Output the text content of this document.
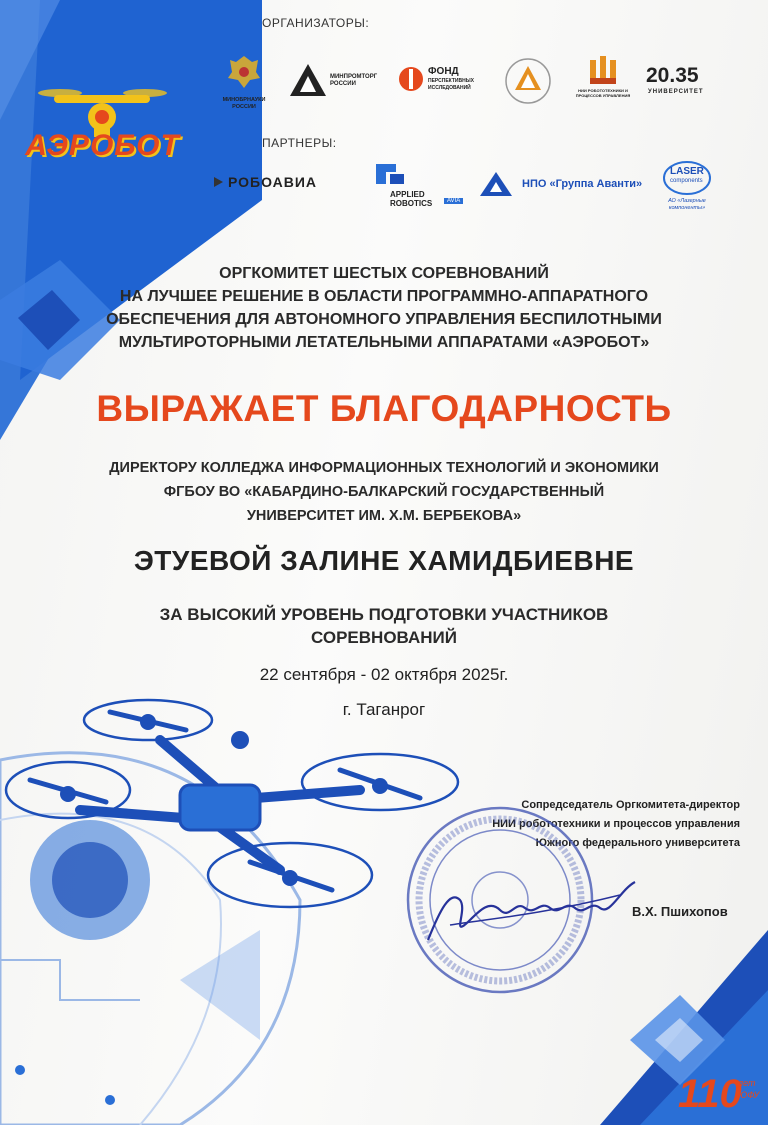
АЭРОБОТ
ОРГАНИЗАТОРЫ:
МИНОБРНАУКИ РОССИИ
МИНПРОМТОРГ РОССИИ
ФОНД
ПЕРСПЕКТИВНЫХ ИССЛЕДОВАНИЙ	НИИ РОБОТОТЕХНИКИ И ПРОЦЕССОВ УПРАВЛЕНИЯ
20.35
УНИВЕРСИТЕТ
ПАРТНЕРЫ:
РОБОАВИА
APPLIED ROBOTICS	AVIA
НПО «Группа Аванти»
LASER
components
АО «Лазерные компоненты»
ОРГКОМИТЕТ ШЕСТЫХ СОРЕВНОВАНИЙ
НА ЛУЧШЕЕ РЕШЕНИЕ В ОБЛАСТИ ПРОГРАММНО-АППАРАТНОГО
ОБЕСПЕЧЕНИЯ ДЛЯ АВТОНОМНОГО УПРАВЛЕНИЯ БЕСПИЛОТНЫМИ
МУЛЬТИРОТОРНЫМИ ЛЕТАТЕЛЬНЫМИ АППАРАТАМИ «АЭРОБОТ»
ВЫРАЖАЕТ БЛАГОДАРНОСТЬ
ДИРЕКТОРУ КОЛЛЕДЖА ИНФОРМАЦИОННЫХ ТЕХНОЛОГИЙ И ЭКОНОМИКИ
ФГБОУ ВО «КАБАРДИНО-БАЛКАРСКИЙ ГОСУДАРСТВЕННЫЙ
УНИВЕРСИТЕТ ИМ. Х.М. БЕРБЕКОВА»
ЭТУЕВОЙ ЗАЛИНЕ ХАМИДБИЕВНЕ
ЗА ВЫСОКИЙ УРОВЕНЬ ПОДГОТОВКИ УЧАСТНИКОВ
СОРЕВНОВАНИЙ
22 сентября - 02 октября 2025г.
г. Таганрог
Сопредседатель Оргкомитета-директор
НИИ робототехники и процессов управления
Южного федерального университета
В.Х. Пшихопов
110
лет
ЮФУ
